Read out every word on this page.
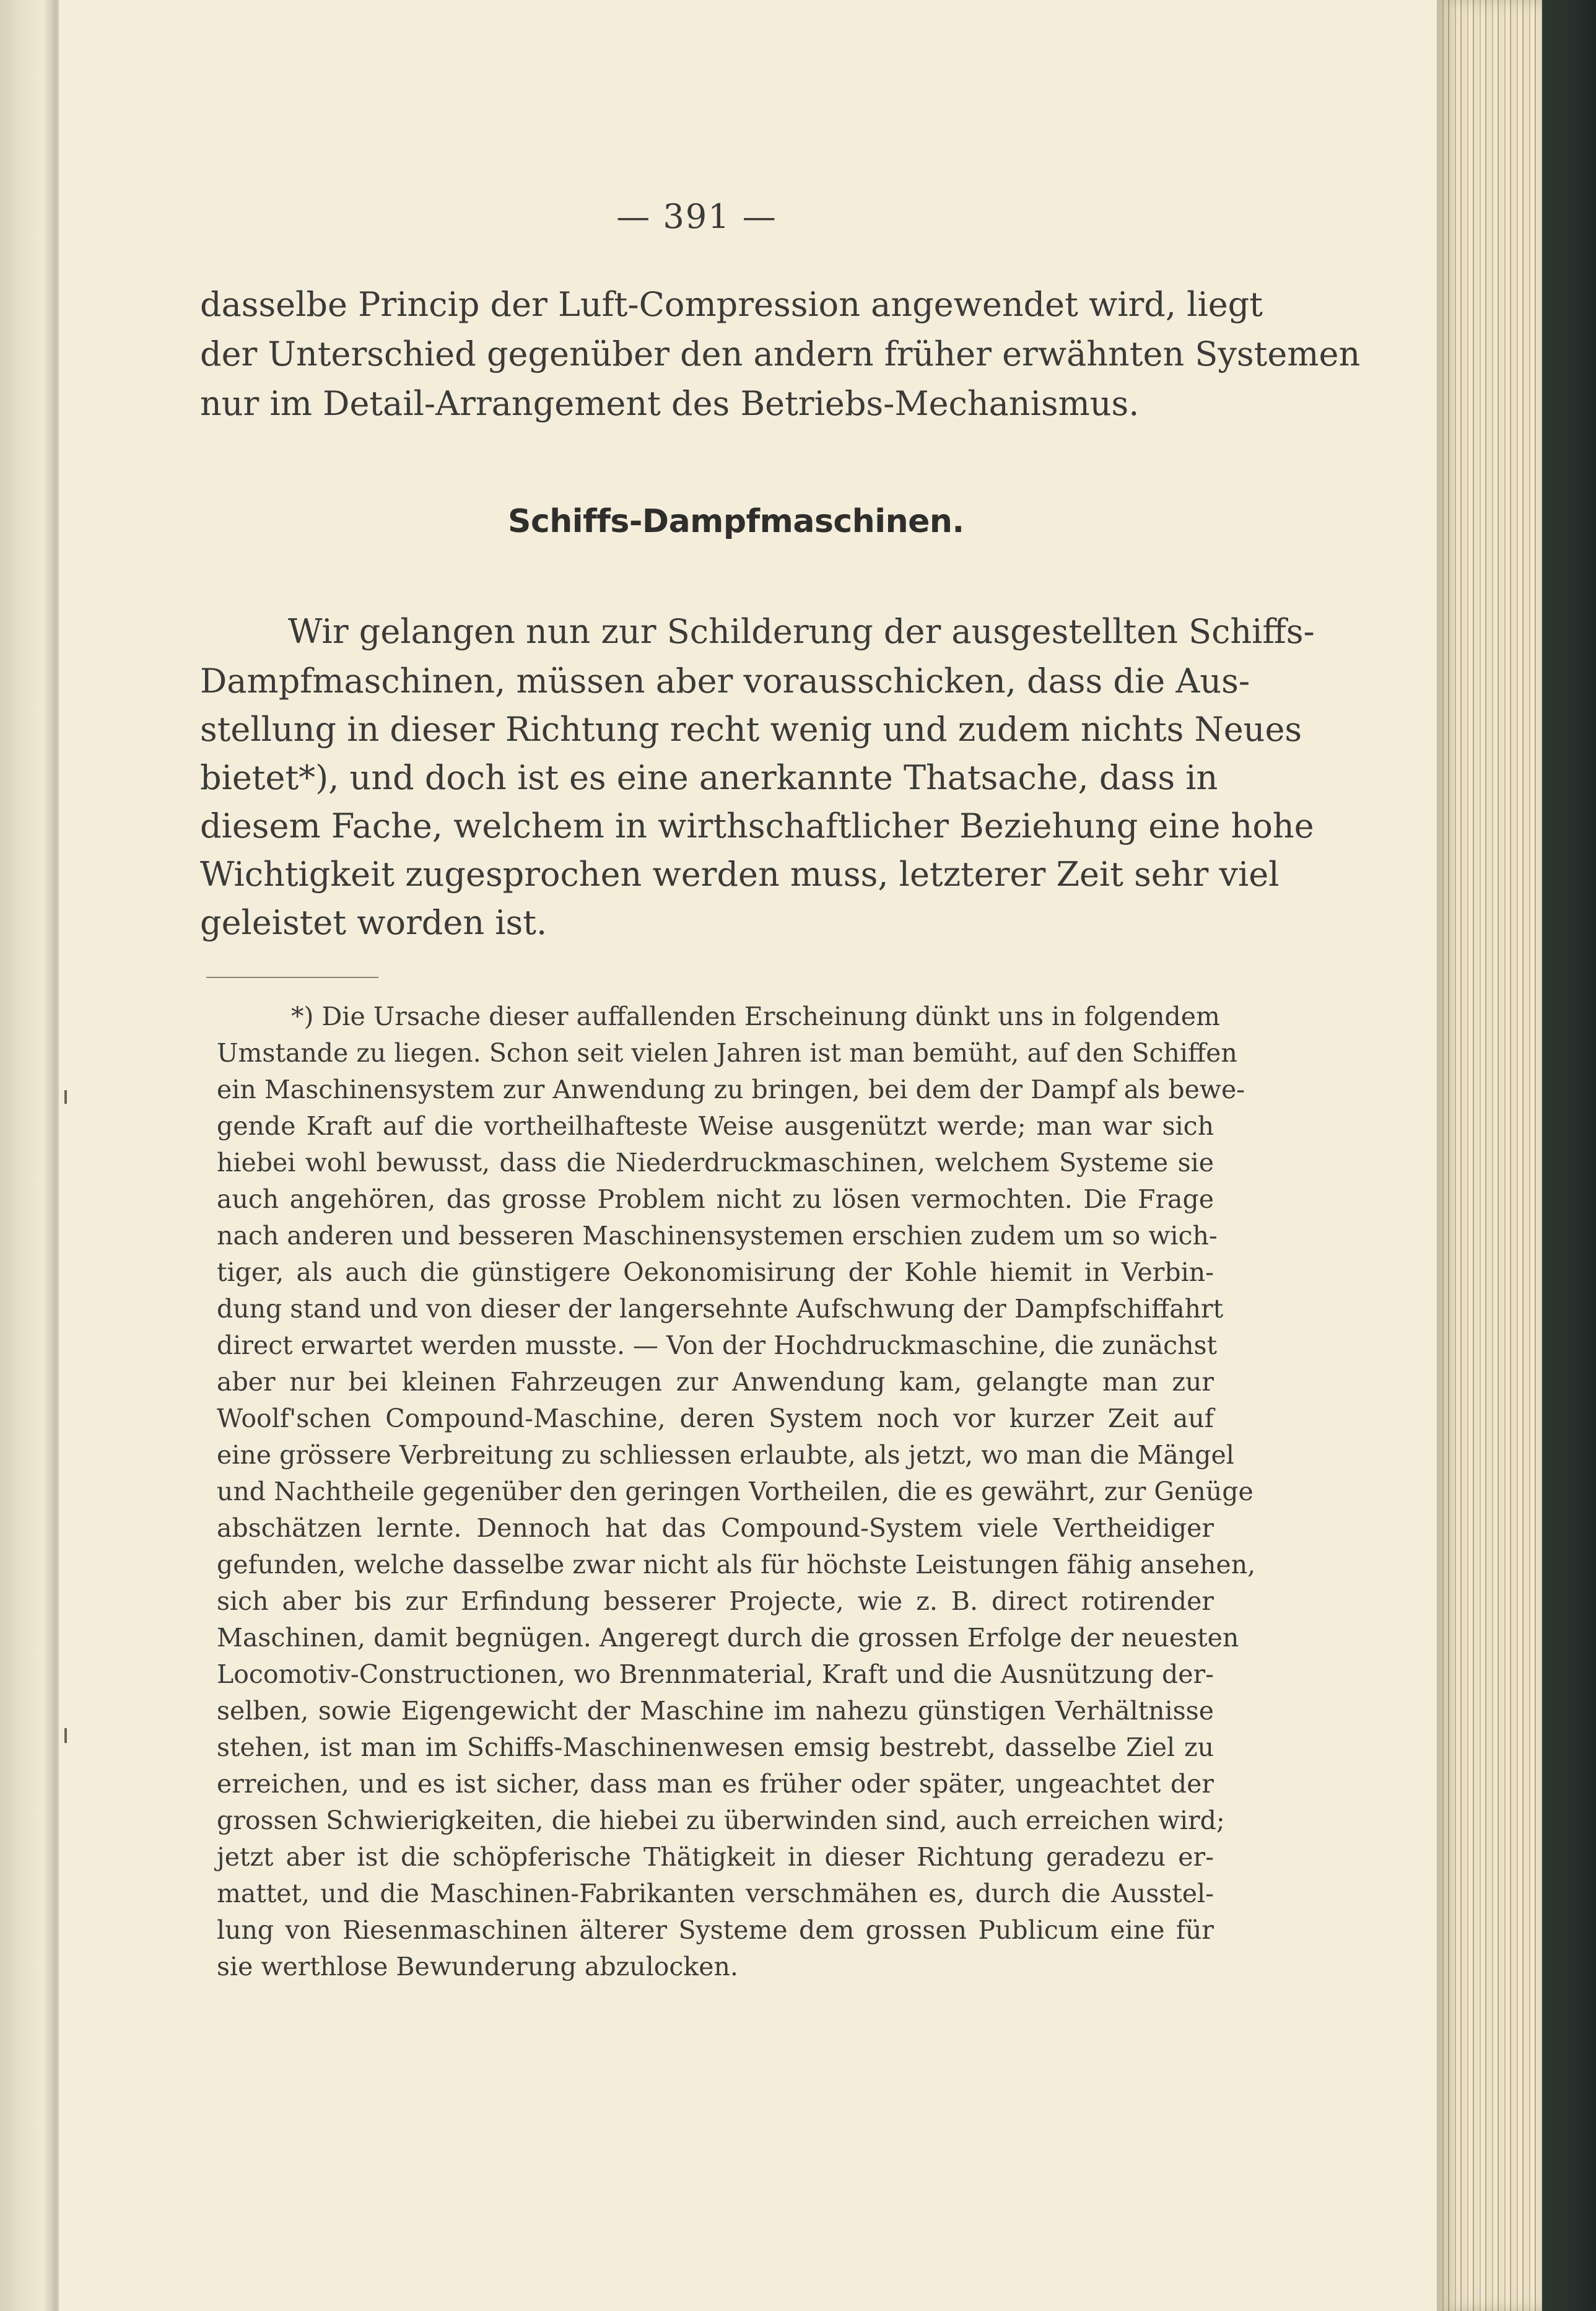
— 391 —
dasselbe Princip der Luft-Compression angewendet wird, liegt
der Unterschied gegenüber den andern früher erwähnten Systemen
nur im Detail-Arrangement des Betriebs-Mechanismus.
Schiffs-Dampfmaschinen.
Wir gelangen nun zur Schilderung der ausgestellten Schiffs-
Dampfmaschinen, müssen aber vorausschicken, dass die Aus-
stellung in dieser Richtung recht wenig und zudem nichts Neues
bietet*), und doch ist es eine anerkannte Thatsache, dass in
diesem Fache, welchem in wirthschaftlicher Beziehung eine hohe
Wichtigkeit zugesprochen werden muss, letzterer Zeit sehr viel
geleistet worden ist.
*) Die Ursache dieser auffallenden Erscheinung dünkt uns in folgendem
Umstande zu liegen. Schon seit vielen Jahren ist man bemüht, auf den Schiffen
ein Maschinensystem zur Anwendung zu bringen, bei dem der Dampf als bewe-
gende Kraft auf die vortheilhafteste Weise ausgenützt werde; man war sich
hiebei wohl bewusst, dass die Niederdruckmaschinen, welchem Systeme sie
auch angehören, das grosse Problem nicht zu lösen vermochten. Die Frage
nach anderen und besseren Maschinensystemen erschien zudem um so wich-
tiger, als auch die günstigere Oekonomisirung der Kohle hiemit in Verbin-
dung stand und von dieser der langersehnte Aufschwung der Dampfschiffahrt
direct erwartet werden musste. — Von der Hochdruckmaschine, die zunächst
aber nur bei kleinen Fahrzeugen zur Anwendung kam, gelangte man zur
Woolf'schen Compound-Maschine, deren System noch vor kurzer Zeit auf
eine grössere Verbreitung zu schliessen erlaubte, als jetzt, wo man die Mängel
und Nachtheile gegenüber den geringen Vortheilen, die es gewährt, zur Genüge
abschätzen lernte. Dennoch hat das Compound-System viele Vertheidiger
gefunden, welche dasselbe zwar nicht als für höchste Leistungen fähig ansehen,
sich aber bis zur Erfindung besserer Projecte, wie z. B. direct rotirender
Maschinen, damit begnügen. Angeregt durch die grossen Erfolge der neuesten
Locomotiv-Constructionen, wo Brennmaterial, Kraft und die Ausnützung der-
selben, sowie Eigengewicht der Maschine im nahezu günstigen Verhältnisse
stehen, ist man im Schiffs-Maschinenwesen emsig bestrebt, dasselbe Ziel zu
erreichen, und es ist sicher, dass man es früher oder später, ungeachtet der
grossen Schwierigkeiten, die hiebei zu überwinden sind, auch erreichen wird;
jetzt aber ist die schöpferische Thätigkeit in dieser Richtung geradezu er-
mattet, und die Maschinen-Fabrikanten verschmähen es, durch die Ausstel-
lung von Riesenmaschinen älterer Systeme dem grossen Publicum eine für
sie werthlose Bewunderung abzulocken.
